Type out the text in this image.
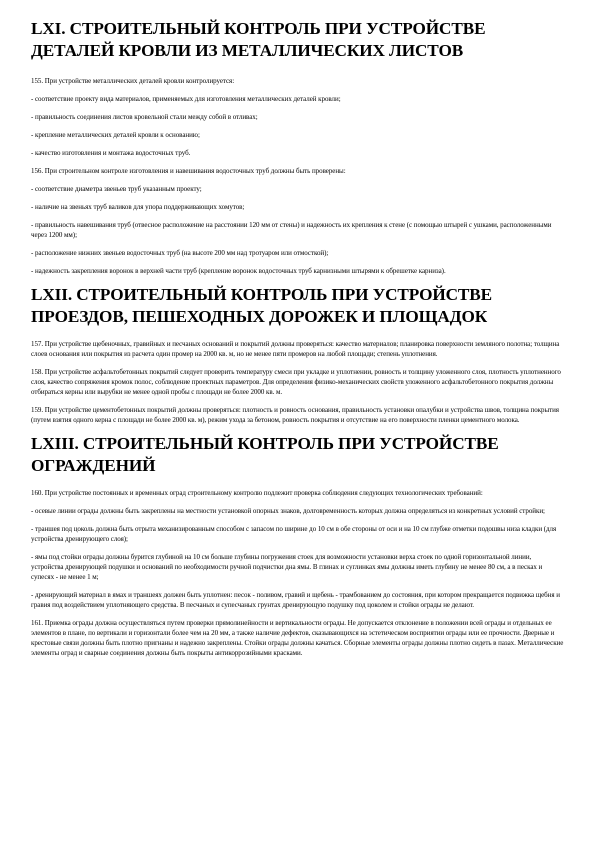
LXI. СТРОИТЕЛЬНЫЙ КОНТРОЛЬ ПРИ УСТРОЙСТВЕ ДЕТАЛЕЙ КРОВЛИ ИЗ МЕТАЛЛИЧЕСКИХ ЛИСТОВ

155. При устройстве металлических деталей кровли контролируется:

- соответствие проекту вида материалов, применяемых для изготовления металлических деталей кровли;

- правильность соединения листов кровельной стали между собой в отливах;

- крепление металлических деталей кровли к основанию;

- качество изготовления и монтажа водосточных труб.

156. При строительном контроле изготовления и навешивания водосточных труб должны быть проверены:

- соответствие диаметра звеньев труб указанным проекту;

- наличие на звеньях труб валиков для упора поддерживающих хомутов;

- правильность навешивания труб (отвесное расположение на расстоянии 120 мм от стены) и надежность их крепления к стене (с помощью штырей с ушками, расположенными через 1200 мм);

- расположение нижних звеньев водосточных труб (на высоте 200 мм над тротуаром или отмосткой);

- надежность закрепления воронок в верхней части труб (крепление воронок водосточных труб карнизными штырями к обрешетке карниза).

LXII. СТРОИТЕЛЬНЫЙ КОНТРОЛЬ ПРИ УСТРОЙСТВЕ ПРОЕЗДОВ, ПЕШЕХОДНЫХ ДОРОЖЕК И ПЛОЩАДОК

157. При устройстве щебеночных, гравийных и песчаных оснований и покрытий должны проверяться: качество материалов; планировка поверхности земляного полотна; толщина слоев основания или покрытия из расчета один промер на 2000 кв. м, но не менее пяти промеров на любой площади; степень уплотнения.

158. При устройстве асфальтобетонных покрытий следует проверить температуру смеси при укладке и уплотнении, ровность и толщину уложенного слоя, плотность уплотненного слоя, качество сопряжения кромок полос, соблюдение проектных параметров. Для определения физико-механических свойств уложенного асфальтобетонного покрытия должны отбираться керны или вырубки не менее одной пробы с площади не более 2000 кв. м.

159. При устройстве цементобетонных покрытий должны проверяться: плотность и ровность основания, правильность установки опалубки и устройства швов, толщина покрытия (путем взятия одного керна с площади не более 2000 кв. м), режим ухода за бетоном, ровность покрытия и отсутствие на его поверхности пленки цементного молока.

LXIII. СТРОИТЕЛЬНЫЙ КОНТРОЛЬ ПРИ УСТРОЙСТВЕ ОГРАЖДЕНИЙ

160. При устройстве постоянных и временных оград строительному контролю подлежит проверка соблюдения следующих технологических требований:

- осевые линии ограды должны быть закреплены на местности установкой опорных знаков, долговременность которых должна определяться из конкретных условий стройки;

- траншея под цоколь должна быть отрыта механизированным способом с запасом по ширине до 10 см в обе стороны от оси и на 10 см глубже отметки подошвы низа кладки (для устройства дренирующего слоя);

- ямы под стойки ограды должны бурится глубиной на 10 см больше глубины погружения стоек для возможности установки верха стоек по одной горизонтальной линии, устройства дренирующей подушки и оснований по необходимости ручной подчистки дна ямы. В глинах и суглинках ямы должны иметь глубину не менее 80 см, а в песках и супесях - не менее 1 м;

- дренирующий материал в ямах и траншеях должен быть уплотнен: песок - поливом, гравий и щебень - трамбованием до состояния, при котором прекращается подвижка щебня и гравия под воздействием уплотняющего средства. В песчаных и супесчаных грунтах дренирующую подушку под цоколем и стойки ограды не делают.

161. Приемка ограды должна осуществляться путем проверки прямолинейности и вертикальности ограды. Не допускается отклонение в положении всей ограды и отдельных ее элементов в плане, по вертикали и горизонтали более чем на 20 мм, а также наличие дефектов, сказывающихся на эстетическом восприятии ограды или ее прочности. Дверные и крестовые связи должны быть плотно пригнаны и надежно закреплены. Стойки ограды должны качаться. Сборные элементы ограды должны плотно сидеть в пазах. Металлические элементы оград и сварные соединения должны быть покрыты антикоррозийными красками.
